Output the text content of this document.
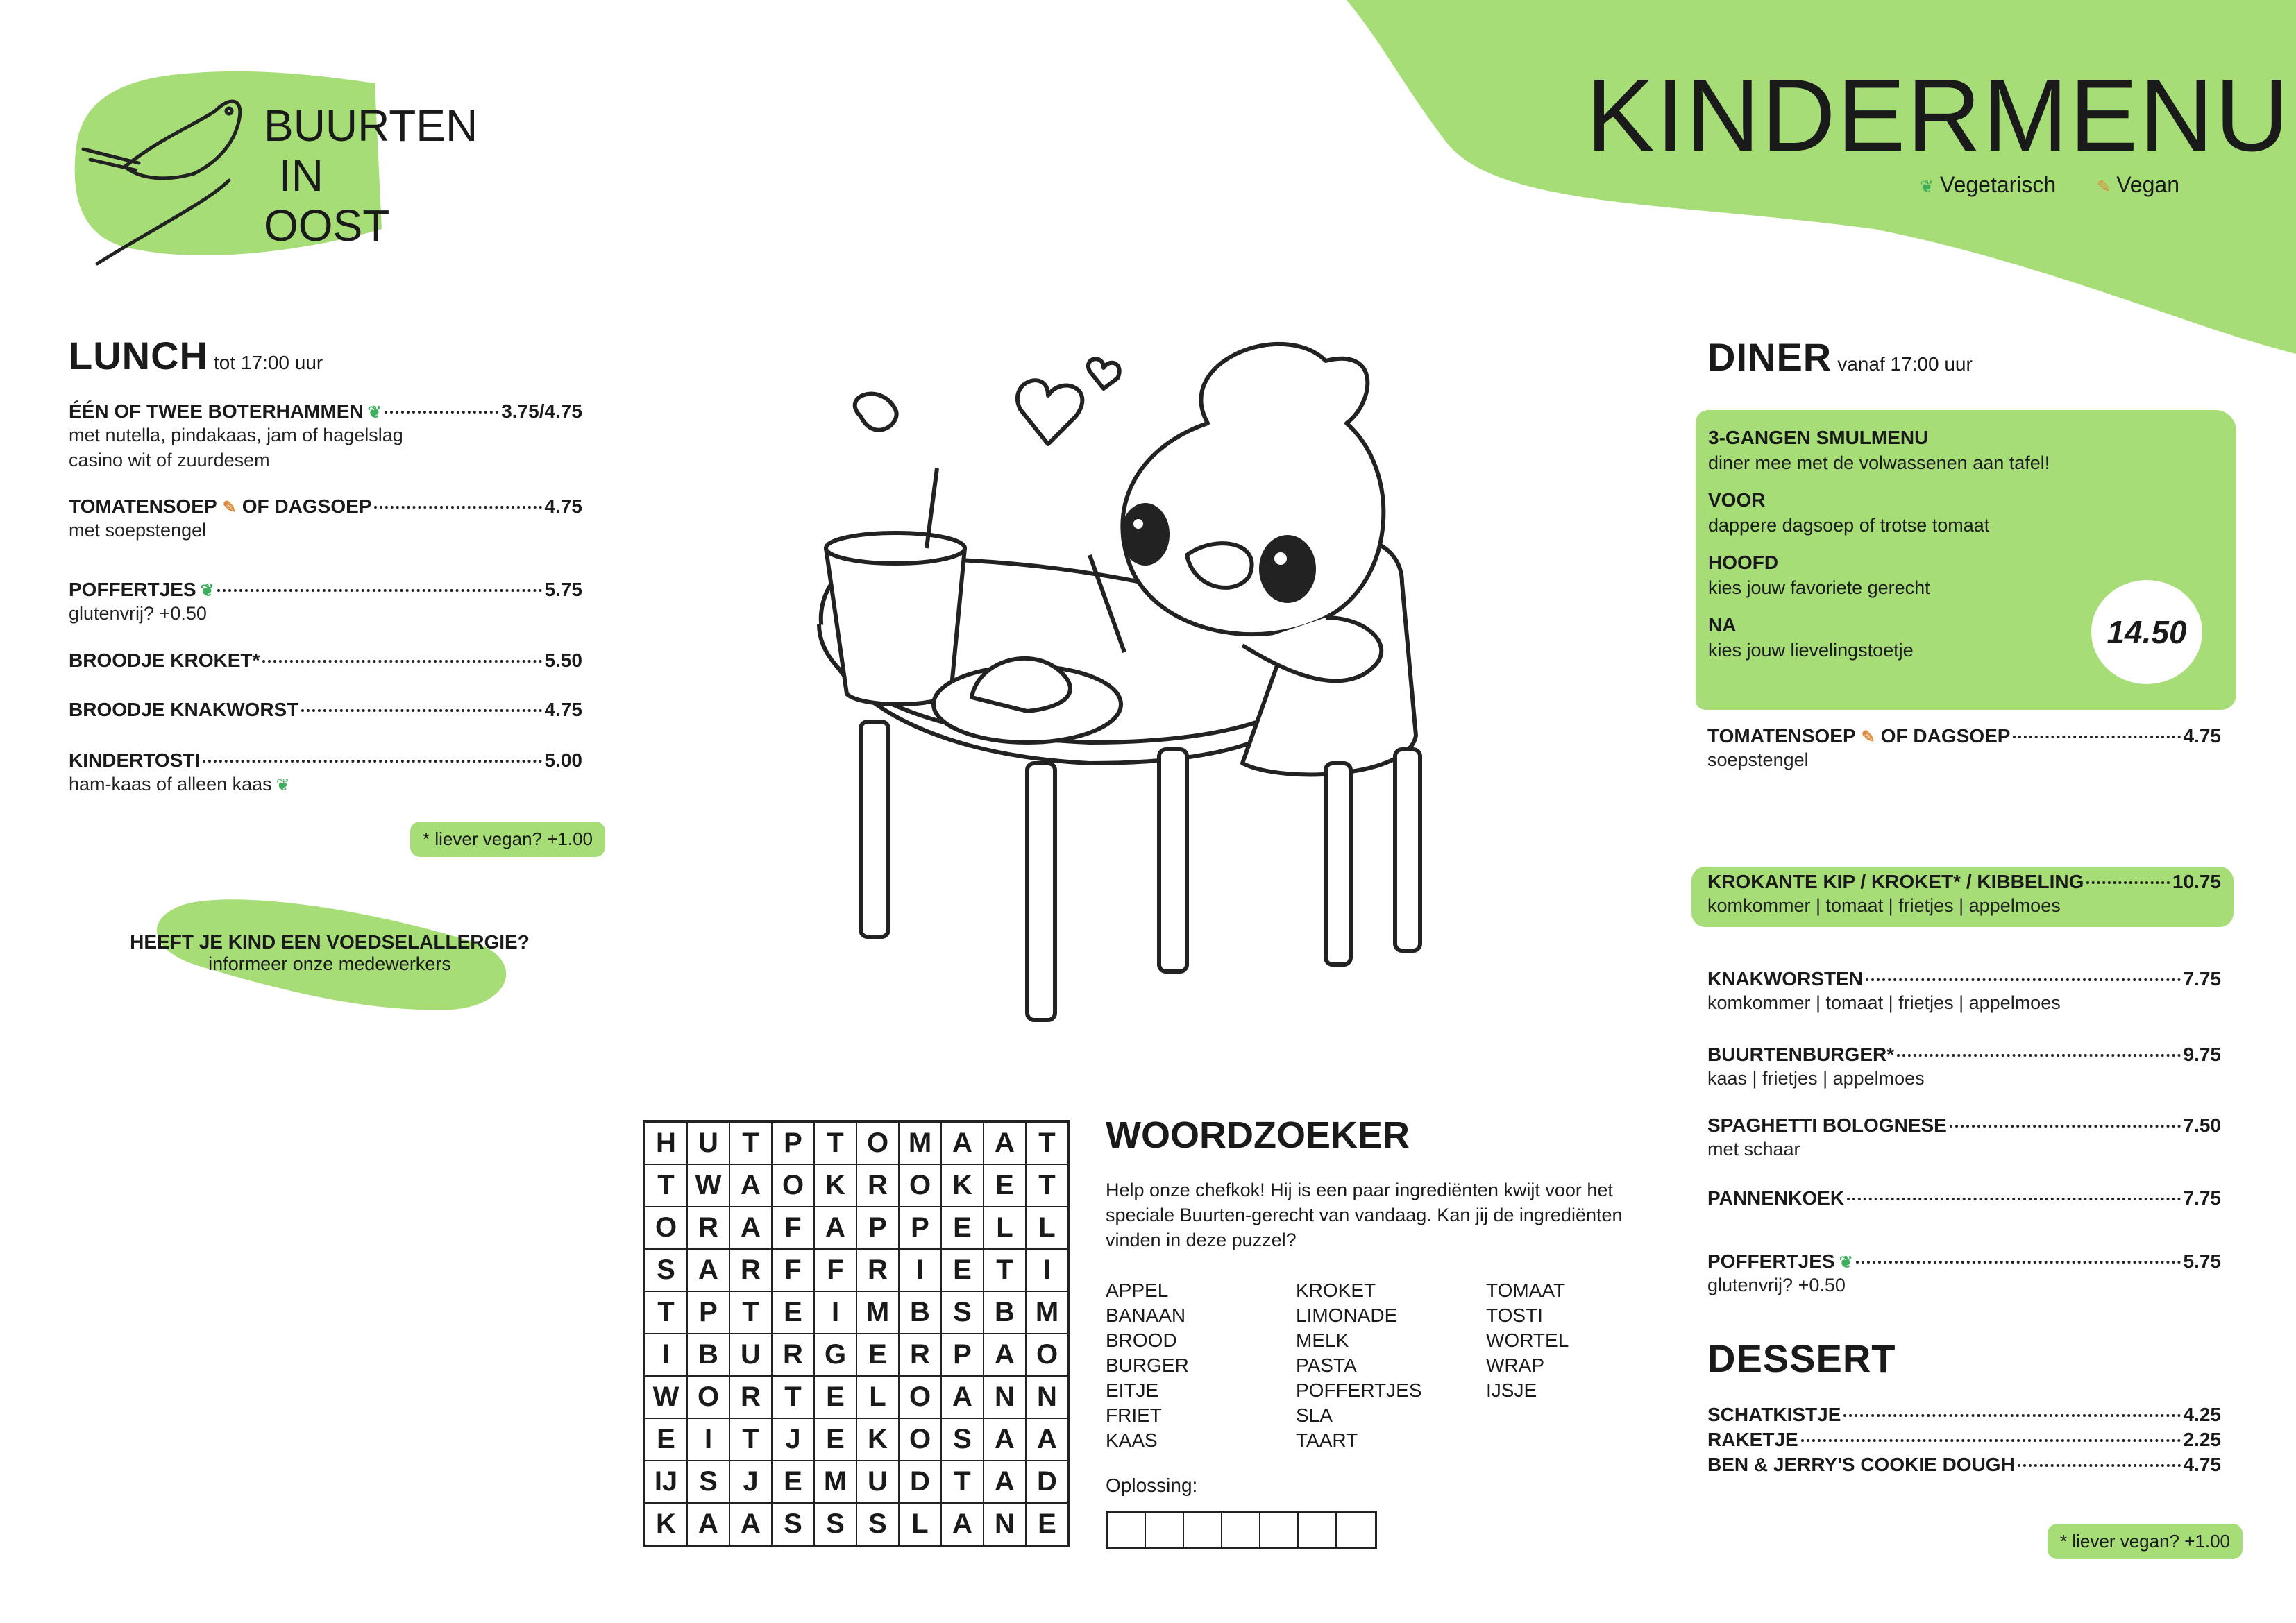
BUURTEN
IN
OOST
KINDERMENU
❦ Vegetarisch ✎ Vegan
LUNCH tot 17:00 uur
ÉÉN OF TWEE BOTERHAMMEN ❦	3.75/4.75
met nutella, pindakaas, jam of hagelslag
casino wit of zuurdesem
TOMATENSOEP ✎ OF DAGSOEP	4.75
met soepstengel
POFFERTJES ❦	5.75
glutenvrij? +0.50
BROODJE KROKET*	5.50
BROODJE KNAKWORST	4.75
KINDERTOSTI	5.00
ham-kaas of alleen kaas ❦
* liever vegan? +1.00
HEEFT JE KIND EEN VOEDSELALLERGIE?
informeer onze medewerkers
DINER vanaf 17:00 uur
3-GANGEN SMULMENU
diner mee met de volwassenen aan tafel!
VOOR
dappere dagsoep of trotse tomaat
HOOFD
kies jouw favoriete gerecht
NA
kies jouw lievelingstoetje	14.50
TOMATENSOEP ✎ OF DAGSOEP	4.75
soepstengel
KROKANTE KIP / KROKET* / KIBBELING	10.75
komkommer | tomaat | frietjes | appelmoes
KNAKWORSTEN	7.75
komkommer | tomaat | frietjes | appelmoes
BUURTENBURGER*	9.75
kaas | frietjes | appelmoes
SPAGHETTI BOLOGNESE	7.50
met schaar
PANNENKOEK	7.75
POFFERTJES ❦	5.75
glutenvrij? +0.50
DESSERT
SCHATKISTJE	4.25
RAKETJE	2.25
BEN & JERRY'S COOKIE DOUGH	4.75
* liever vegan? +1.00
H U T P T O M A A T
T W A O K R O K E T
O R A F A P P E L L
S A R F F R	I	E T	I
T P T E	I M B S B M
I	B U R G E R P A O
W O R T E L O A N N
E	I	T J E K O S A A
IJ S J E M U D T A D
K A A S S S L A N E
WOORDZOEKER
Help onze chefkok! Hij is een paar ingrediënten kwijt voor het speciale Buurten-gerecht van vandaag. Kan jij de ingrediënten vinden in deze puzzel?
APPEL
BANAAN
BROOD
BURGER
EITJE
FRIET
KAAS
KROKET
LIMONADE
MELK
PASTA
POFFERTJES
SLA
TAART
TOMAAT
TOSTI
WORTEL
WRAP
IJSJE
Oplossing:
